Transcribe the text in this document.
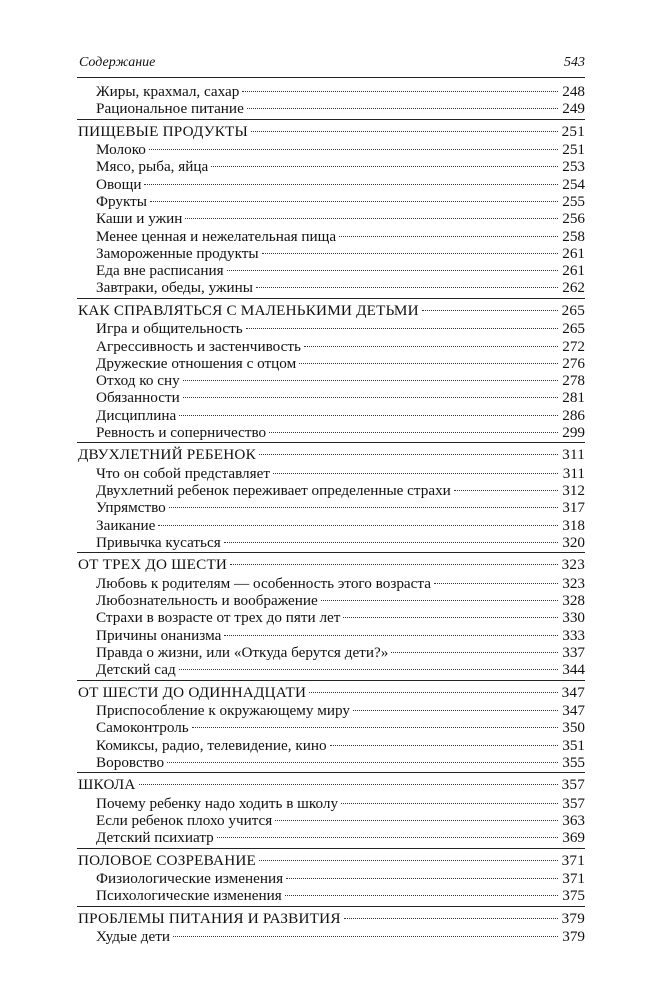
Содержание	543
Жиры, крахмал, сахар	248
Рациональное питание	249
ПИЩЕВЫЕ ПРОДУКТЫ	251
Молоко	251
Мясо, рыба, яйца	253
Овощи	254
Фрукты	255
Каши и ужин	256
Менее ценная и нежелательная пища	258
Замороженные продукты	261
Еда вне расписания	261
Завтраки, обеды, ужины	262
КАК СПРАВЛЯТЬСЯ С МАЛЕНЬКИМИ ДЕТЬМИ	265
Игра и общительность	265
Агрессивность и застенчивость	272
Дружеские отношения с отцом	276
Отход ко сну	278
Обязанности	281
Дисциплина	286
Ревность и соперничество	299
ДВУХЛЕТНИЙ РЕБЕНОК	311
Что он собой представляет	311
Двухлетний ребенок переживает определенные страхи	312
Упрямство	317
Заикание	318
Привычка кусаться	320
ОТ ТРЕХ ДО ШЕСТИ	323
Любовь к родителям — особенность этого возраста	323
Любознательность и воображение	328
Страхи в возрасте от трех до пяти лет	330
Причины онанизма	333
Правда о жизни, или «Откуда берутся дети?»	337
Детский сад	344
ОТ ШЕСТИ ДО ОДИННАДЦАТИ	347
Приспособление к окружающему миру	347
Самоконтроль	350
Комиксы, радио, телевидение, кино	351
Воровство	355
ШКОЛА	357
Почему ребенку надо ходить в школу	357
Если ребенок плохо учится	363
Детский психиатр	369
ПОЛОВОЕ СОЗРЕВАНИЕ	371
Физиологические изменения	371
Психологические изменения	375
ПРОБЛЕМЫ ПИТАНИЯ И РАЗВИТИЯ	379
Худые дети	379
